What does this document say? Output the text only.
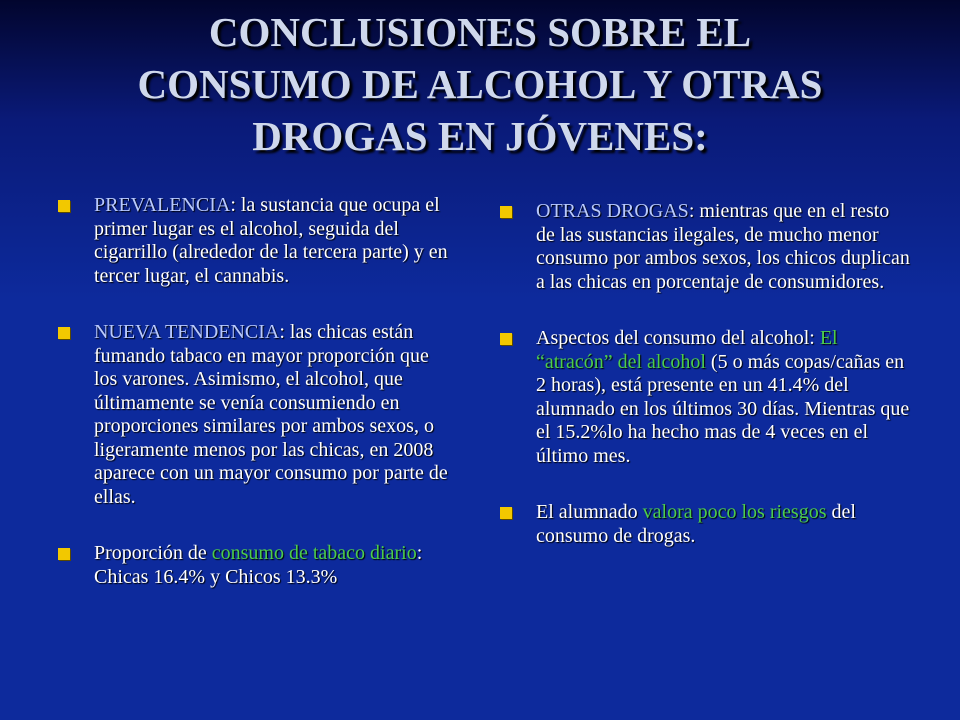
CONCLUSIONES SOBRE EL
CONSUMO DE ALCOHOL Y OTRAS
DROGAS EN JÓVENES:
PREVALENCIA: la sustancia que ocupa el primer lugar es el alcohol, seguida del cigarrillo (alrededor de la tercera parte) y en tercer lugar, el cannabis.
NUEVA TENDENCIA: las chicas están fumando tabaco en mayor proporción que los varones. Asimismo, el alcohol, que últimamente se venía consumiendo en proporciones similares por ambos sexos, o ligeramente menos por las chicas, en 2008 aparece con un mayor consumo por parte de ellas.
Proporción de consumo de tabaco diario: Chicas 16.4% y Chicos 13.3%
OTRAS DROGAS: mientras que en el resto de las sustancias ilegales, de mucho menor consumo por ambos sexos, los chicos duplican a las chicas en porcentaje de consumidores.
Aspectos del consumo del alcohol: El “atracón” del alcohol (5 o más copas/cañas en 2 horas), está presente en un 41.4% del alumnado en los últimos 30 días. Mientras que el 15.2%lo ha hecho mas de 4 veces en el último mes.
El alumnado valora poco los riesgos del consumo de drogas.
